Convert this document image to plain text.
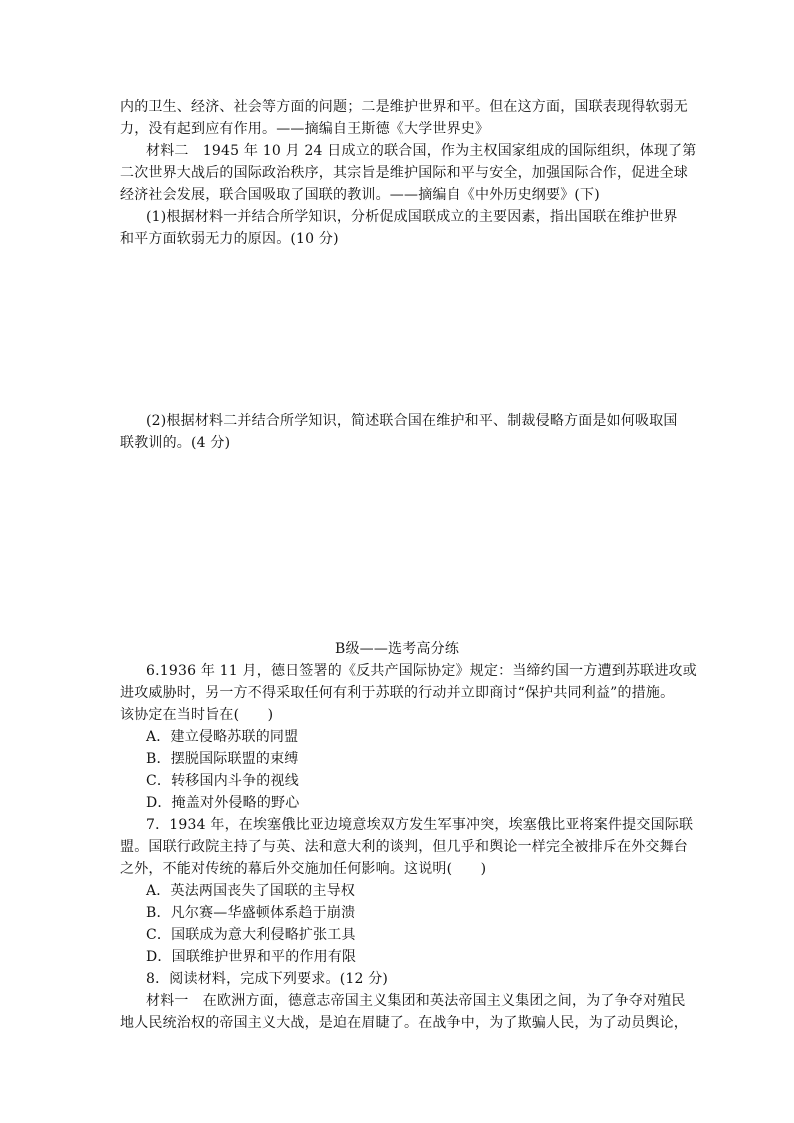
内的卫生、经济、社会等方面的问题；二是维护世界和平。但在这方面，国联表现得软弱无
力，没有起到应有作用。——摘编自王斯德《大学世界史》
材料二　1945 年 10 月 24 日成立的联合国，作为主权国家组成的国际组织，体现了第
二次世界大战后的国际政治秩序，其宗旨是维护国际和平与安全，加强国际合作，促进全球
经济社会发展，联合国吸取了国联的教训。——摘编自《中外历史纲要》(下)
(1)根据材料一并结合所学知识，分析促成国联成立的主要因素，指出国联在维护世界
和平方面软弱无力的原因。(10 分)
(2)根据材料二并结合所学知识，简述联合国在维护和平、制裁侵略方面是如何吸取国
联教训的。(4 分)
B级——选考高分练
6.1936 年 11 月，德日签署的《反共产国际协定》规定：当缔约国一方遭到苏联进攻或
进攻威胁时，另一方不得采取任何有利于苏联的行动并立即商讨“保护共同利益”的措施。
该协定在当时旨在(　　)
A．建立侵略苏联的同盟
B．摆脱国际联盟的束缚
C．转移国内斗争的视线
D．掩盖对外侵略的野心
7．1934 年，在埃塞俄比亚边境意埃双方发生军事冲突，埃塞俄比亚将案件提交国际联
盟。国联行政院主持了与英、法和意大利的谈判，但几乎和舆论一样完全被排斥在外交舞台
之外，不能对传统的幕后外交施加任何影响。这说明(　　)
A．英法两国丧失了国联的主导权
B．凡尔赛—华盛顿体系趋于崩溃
C．国联成为意大利侵略扩张工具
D．国联维护世界和平的作用有限
8．阅读材料，完成下列要求。(12 分)
材料一　在欧洲方面，德意志帝国主义集团和英法帝国主义集团之间，为了争夺对殖民
地人民统治权的帝国主义大战，是迫在眉睫了。在战争中，为了欺骗人民，为了动员舆论，
